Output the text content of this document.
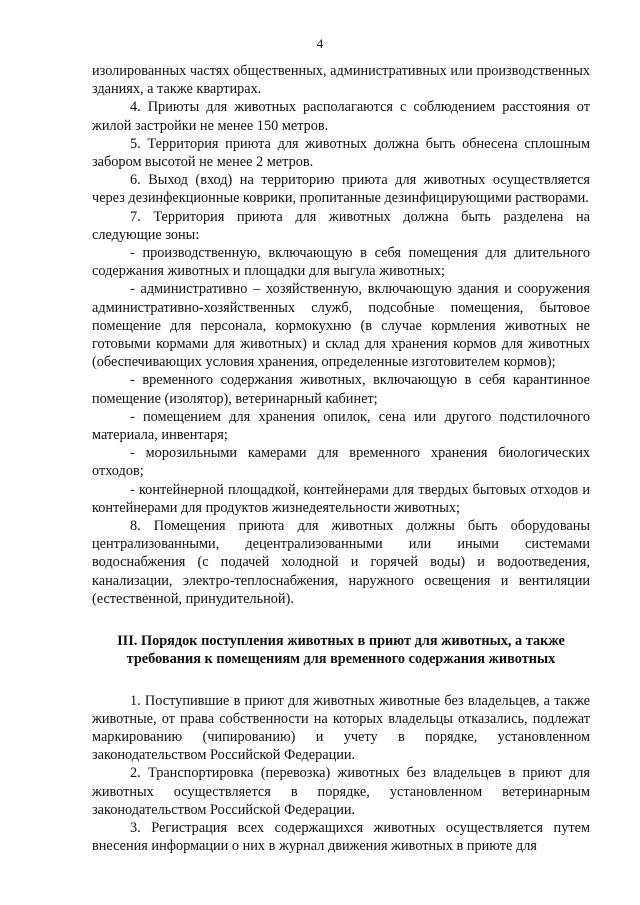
4

изолированных частях общественных, административных или производственных зданиях, а также квартирах.

4. Приюты для животных располагаются с соблюдением расстояния от жилой застройки не менее 150 метров.

5. Территория приюта для животных должна быть обнесена сплошным забором высотой не менее 2 метров.

6. Выход (вход) на территорию приюта для животных осуществляется через дезинфекционные коврики, пропитанные дезинфицирующими растворами.

7. Территория приюта для животных должна быть разделена на следующие зоны:

- производственную, включающую в себя помещения для длительного содержания животных и площадки для выгула животных;

- административно – хозяйственную, включающую здания и сооружения административно-хозяйственных служб, подсобные помещения, бытовое помещение для персонала, кормокухню (в случае кормления животных не готовыми кормами для животных) и склад для хранения кормов для животных (обеспечивающих условия хранения, определенные изготовителем кормов);

- временного содержания животных, включающую в себя карантинное помещение (изолятор), ветеринарный кабинет;

- помещением для хранения опилок, сена или другого подстилочного материала, инвентаря;

- морозильными камерами для временного хранения биологических отходов;

- контейнерной площадкой, контейнерами для твердых бытовых отходов и контейнерами для продуктов жизнедеятельности животных;

8. Помещения приюта для животных должны быть оборудованы централизованными, децентрализованными или иными системами водоснабжения (с подачей холодной и горячей воды) и водоотведения, канализации, электро-теплоснабжения, наружного освещения и вентиляции (естественной, принудительной).

III. Порядок поступления животных в приют для животных, а также
требования к помещениям для временного содержания животных

1. Поступившие в приют для животных животные без владельцев, а также животные, от права собственности на которых владельцы отказались, подлежат маркированию (чипированию) и учету в порядке, установленном законодательством Российской Федерации.

2. Транспортировка (перевозка) животных без владельцев в приют для животных осуществляется в порядке, установленном ветеринарным законодательством Российской Федерации.

3. Регистрация всех содержащихся животных осуществляется путем внесения информации о них в журнал движения животных в приюте для
